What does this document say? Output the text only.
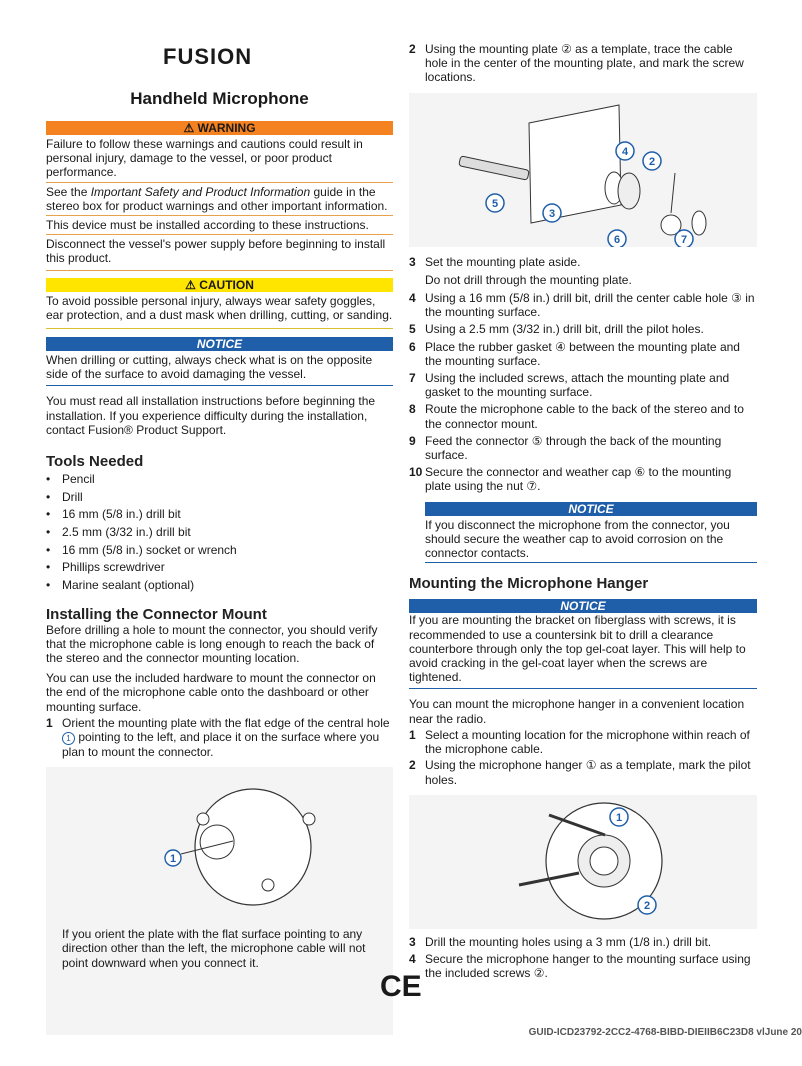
FUSION
Handheld Microphone
⚠ WARNING

Failure to follow these warnings and cautions could result in personal injury, damage to the vessel, or poor product performance.

See the Important Safety and Product Information guide in the stereo box for product warnings and other important information.

This device must be installed according to these instructions.

Disconnect the vessel's power supply before beginning to install this product.

⚠ CAUTION

To avoid possible personal injury, always wear safety goggles, ear protection, and a dust mask when drilling, cutting, or sanding.

NOTICE

When drilling or cutting, always check what is on the opposite side of the surface to avoid damaging the vessel.

You must read all installation instructions before beginning the installation. If you experience difficulty during the installation, contact Fusion® Product Support.

Tools Needed
• Pencil
• Drill
• 16 mm (5/8 in.) drill bit
• 2.5 mm (3/32 in.) drill bit
• 16 mm (5/8 in.) socket or wrench
• Phillips screwdriver
• Marine sealant (optional)
Installing the Connector Mount

Before drilling a hole to mount the connector, you should verify that the microphone cable is long enough to reach the back of the stereo and the connector mounting location.

You can use the included hardware to mount the connector on the end of the microphone cable onto the dashboard or other mounting surface.

1 Orient the mounting plate with the flat edge of the central hole 1 pointing to the left, and place it on the surface where you plan to mount the connector.
1

If you orient the plate with the flat surface pointing to any direction other than the left, the microphone cable will not point downward when you connect it.

2 Using the mounting plate ② as a template, trace the cable hole in the center of the mounting plate, and mark the screw locations.
2
4
3
5
6	7
3 Set the mounting plate aside.
Do not drill through the mounting plate.
4 Using a 16 mm (5/8 in.) drill bit, drill the center cable hole ③ in the mounting surface.
5 Using a 2.5 mm (3/32 in.) drill bit, drill the pilot holes.
6 Place the rubber gasket ④ between the mounting plate and the mounting surface.
7 Using the included screws, attach the mounting plate and gasket to the mounting surface.
8 Route the microphone cable to the back of the stereo and to the connector mount.
9 Feed the connector ⑤ through the back of the mounting surface.
10 Secure the connector and weather cap ⑥ to the mounting plate using the nut ⑦.
NOTICE

If you disconnect the microphone from the connector, you should secure the weather cap to avoid corrosion on the connector contacts.

Mounting the Microphone Hanger
NOTICE

If you are mounting the bracket on fiberglass with screws, it is recommended to use a countersink bit to drill a clearance counterbore through only the top gel-coat layer. This will help to avoid cracking in the gel-coat layer when the screws are tightened.

You can mount the microphone hanger in a convenient location near the radio.

1 Select a mounting location for the microphone within reach of the microphone cable.
2 Using the microphone hanger ① as a template, mark the pilot holes.
1
2
3 Drill the mounting holes using a 3 mm (1/8 in.) drill bit.
4 Secure the microphone hanger to the mounting surface using the included screws ②.
CE
GUID-ICD23792-2CC2-4768-BIBD-DIEIIB6C23D8 vlJune 20
